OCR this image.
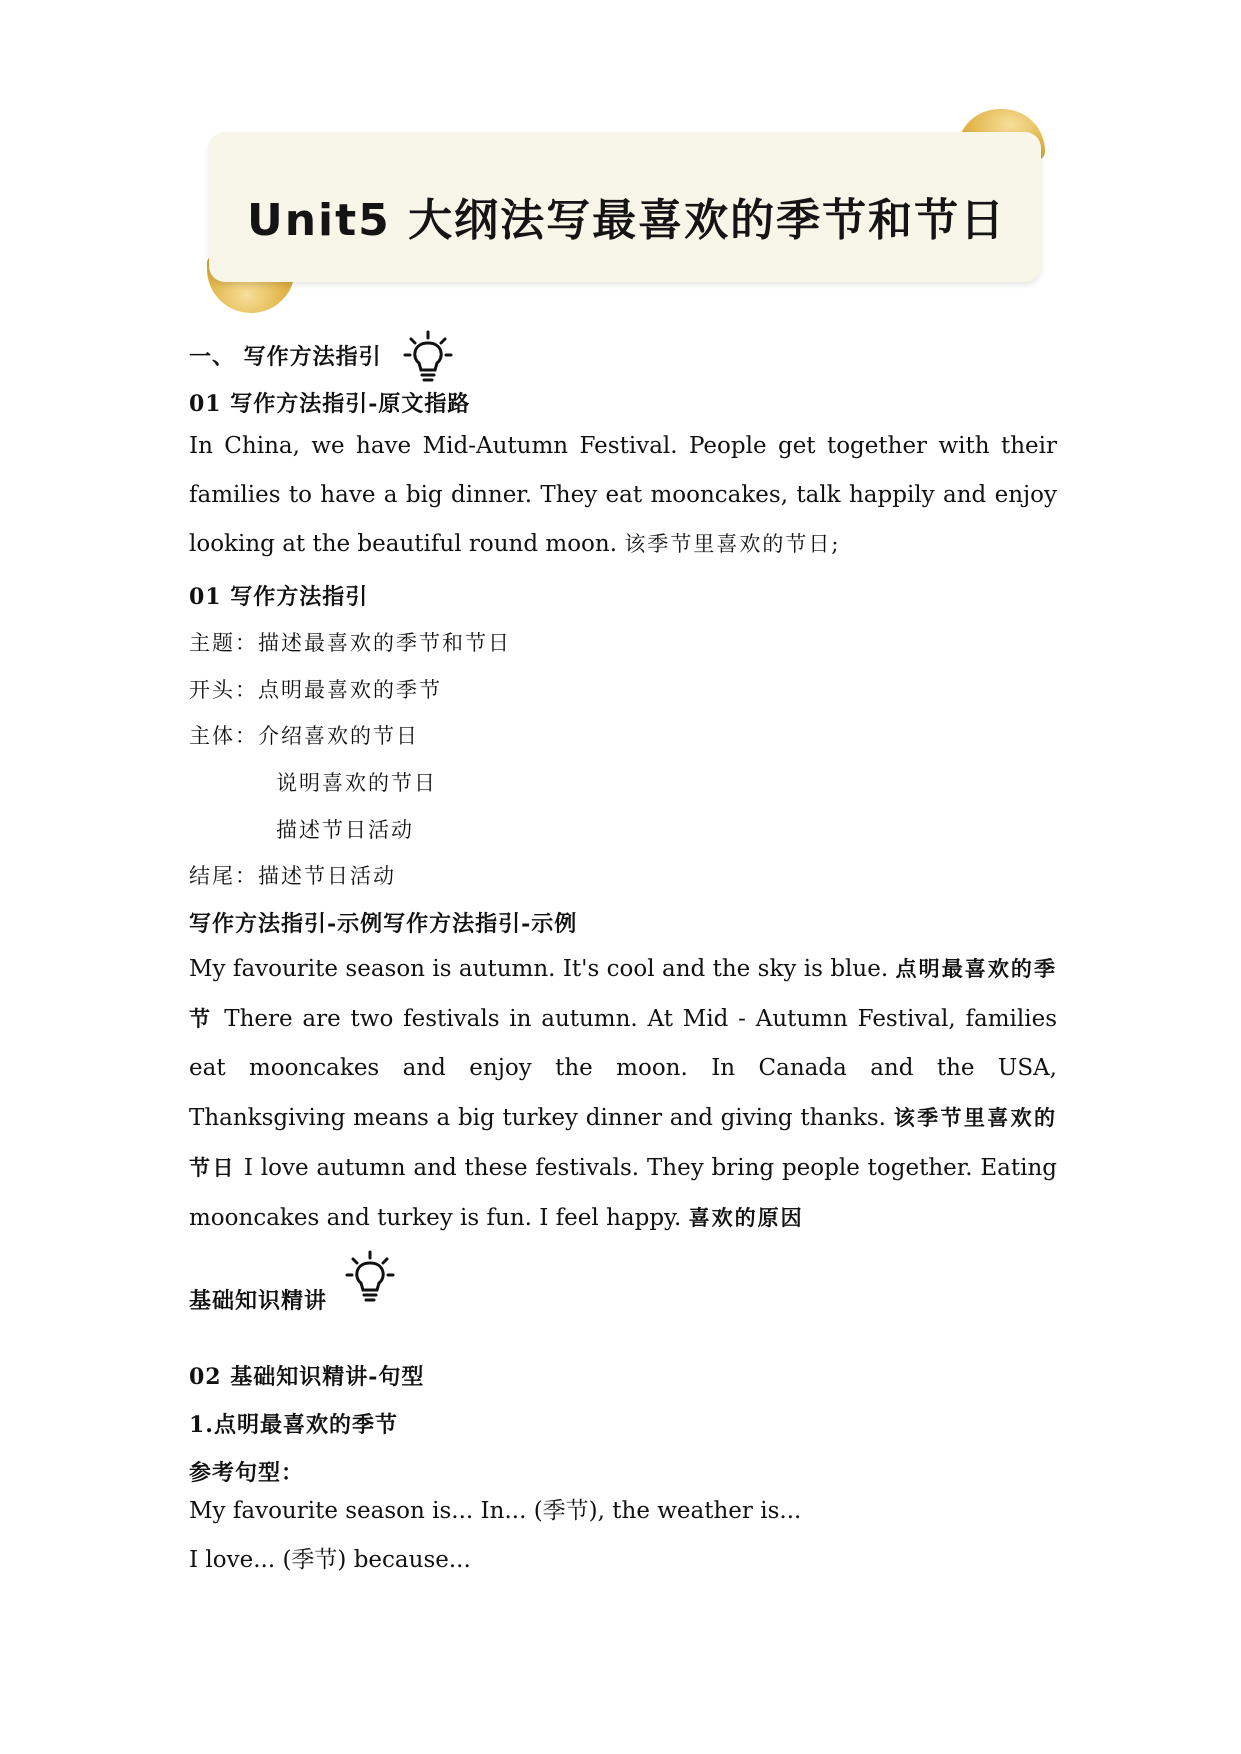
Unit5 大纲法写最喜欢的季节和节日
一、 写作方法指引
01 写作方法指引-原文指路

In China, we have Mid-Autumn Festival. People get together with their families to have a big dinner. They eat mooncakes, talk happily and enjoy looking at the beautiful round moon. 该季节里喜欢的节日;

01 写作方法指引
主题：描述最喜欢的季节和节日
开头：点明最喜欢的季节
主体：介绍喜欢的节日
说明喜欢的节日
描述节日活动
结尾：描述节日活动
写作方法指引-示例写作方法指引-示例

My favourite season is autumn. It's cool and the sky is blue. 点明最喜欢的季节 There are two festivals in autumn. At Mid - Autumn Festival, families eat mooncakes and enjoy the moon. In Canada and the USA, Thanksgiving means a big turkey dinner and giving thanks. 该季节里喜欢的节日 I love autumn and these festivals. They bring people together. Eating mooncakes and turkey is fun. I feel happy. 喜欢的原因

基础知识精讲
02 基础知识精讲-句型
1.点明最喜欢的季节
参考句型：
My favourite season is... In... (季节), the weather is...
I love... (季节) because...
